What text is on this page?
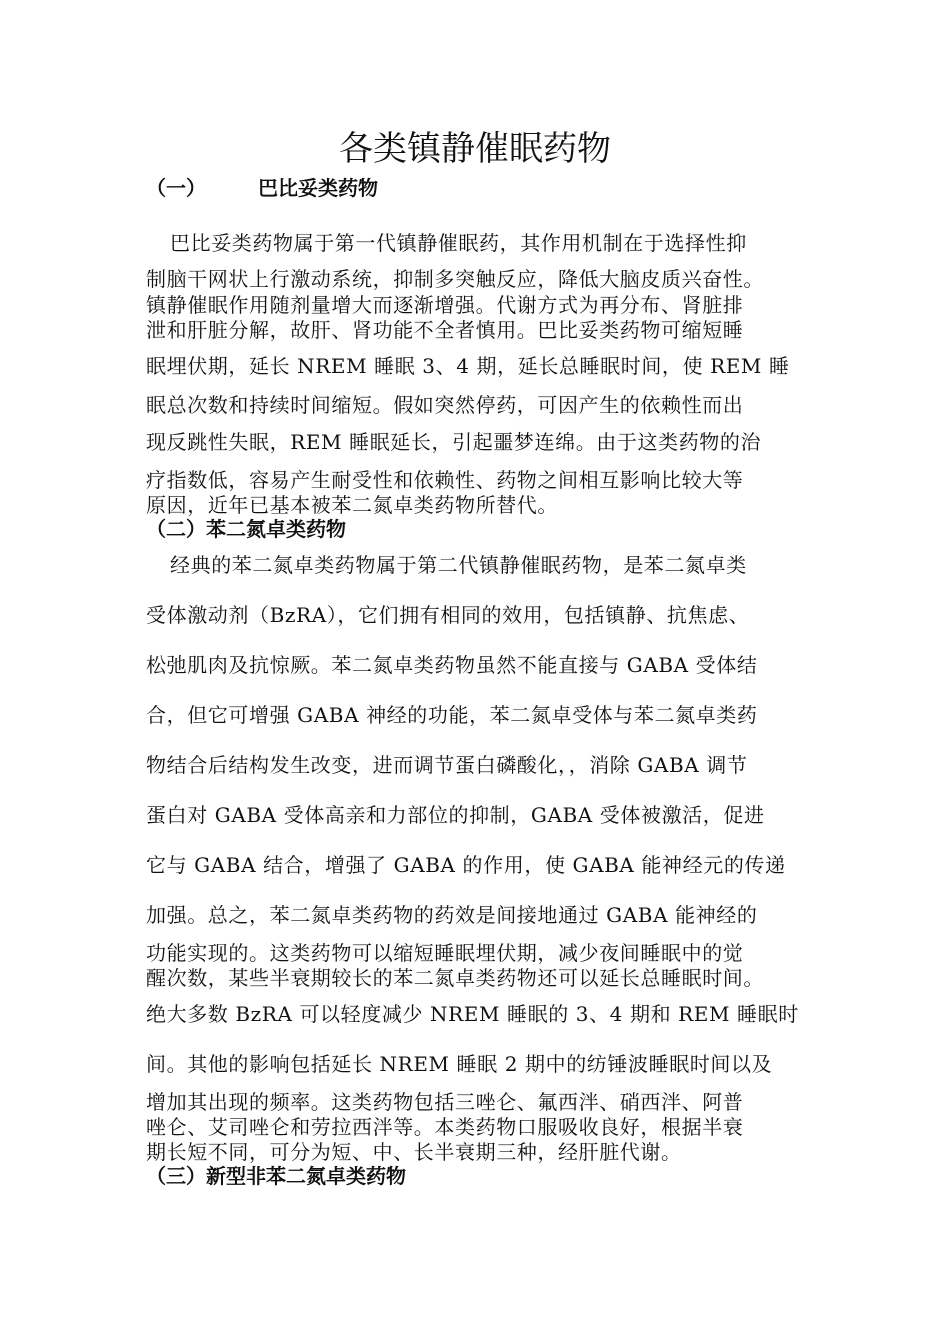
各类镇静催眠药物
（一）	巴比妥类药物
巴比妥类药物属于第一代镇静催眠药，其作用机制在于选择性抑
制脑干网状上行激动系统，抑制多突触反应，降低大脑皮质兴奋性。
镇静催眠作用随剂量增大而逐渐增强。代谢方式为再分布、肾脏排
泄和肝脏分解，故肝、肾功能不全者慎用。巴比妥类药物可缩短睡
眠埋伏期，延长 NREM 睡眠 3、4 期，延长总睡眠时间，使 REM 睡
眠总次数和持续时间缩短。假如突然停药，可因产生的依赖性而出
现反跳性失眠，REM 睡眠延长，引起噩梦连绵。由于这类药物的治
疗指数低，容易产生耐受性和依赖性、药物之间相互影响比较大等
原因，近年已基本被苯二氮卓类药物所替代。
（二）苯二氮卓类药物
经典的苯二氮卓类药物属于第二代镇静催眠药物，是苯二氮卓类
受体激动剂（BzRA），它们拥有相同的效用，包括镇静、抗焦虑、
松弛肌肉及抗惊厥。苯二氮卓类药物虽然不能直接与 GABA 受体结
合，但它可增强 GABA 神经的功能，苯二氮卓受体与苯二氮卓类药
物结合后结构发生改变，进而调节蛋白磷酸化，，消除 GABA 调节
蛋白对 GABA 受体高亲和力部位的抑制，GABA 受体被激活，促进
它与 GABA 结合，增强了 GABA 的作用，使 GABA 能神经元的传递
加强。总之，苯二氮卓类药物的药效是间接地通过 GABA 能神经的
功能实现的。这类药物可以缩短睡眠埋伏期，减少夜间睡眠中的觉
醒次数，某些半衰期较长的苯二氮卓类药物还可以延长总睡眠时间。
绝大多数 BzRA 可以轻度减少 NREM 睡眠的 3、4 期和 REM 睡眠时
间。其他的影响包括延长 NREM 睡眠 2 期中的纺锤波睡眠时间以及
增加其出现的频率。这类药物包括三唑仑、氟西泮、硝西泮、阿普
唑仑、艾司唑仑和劳拉西泮等。本类药物口服吸收良好，根据半衰
期长短不同，可分为短、中、长半衰期三种，经肝脏代谢。
（三）新型非苯二氮卓类药物
